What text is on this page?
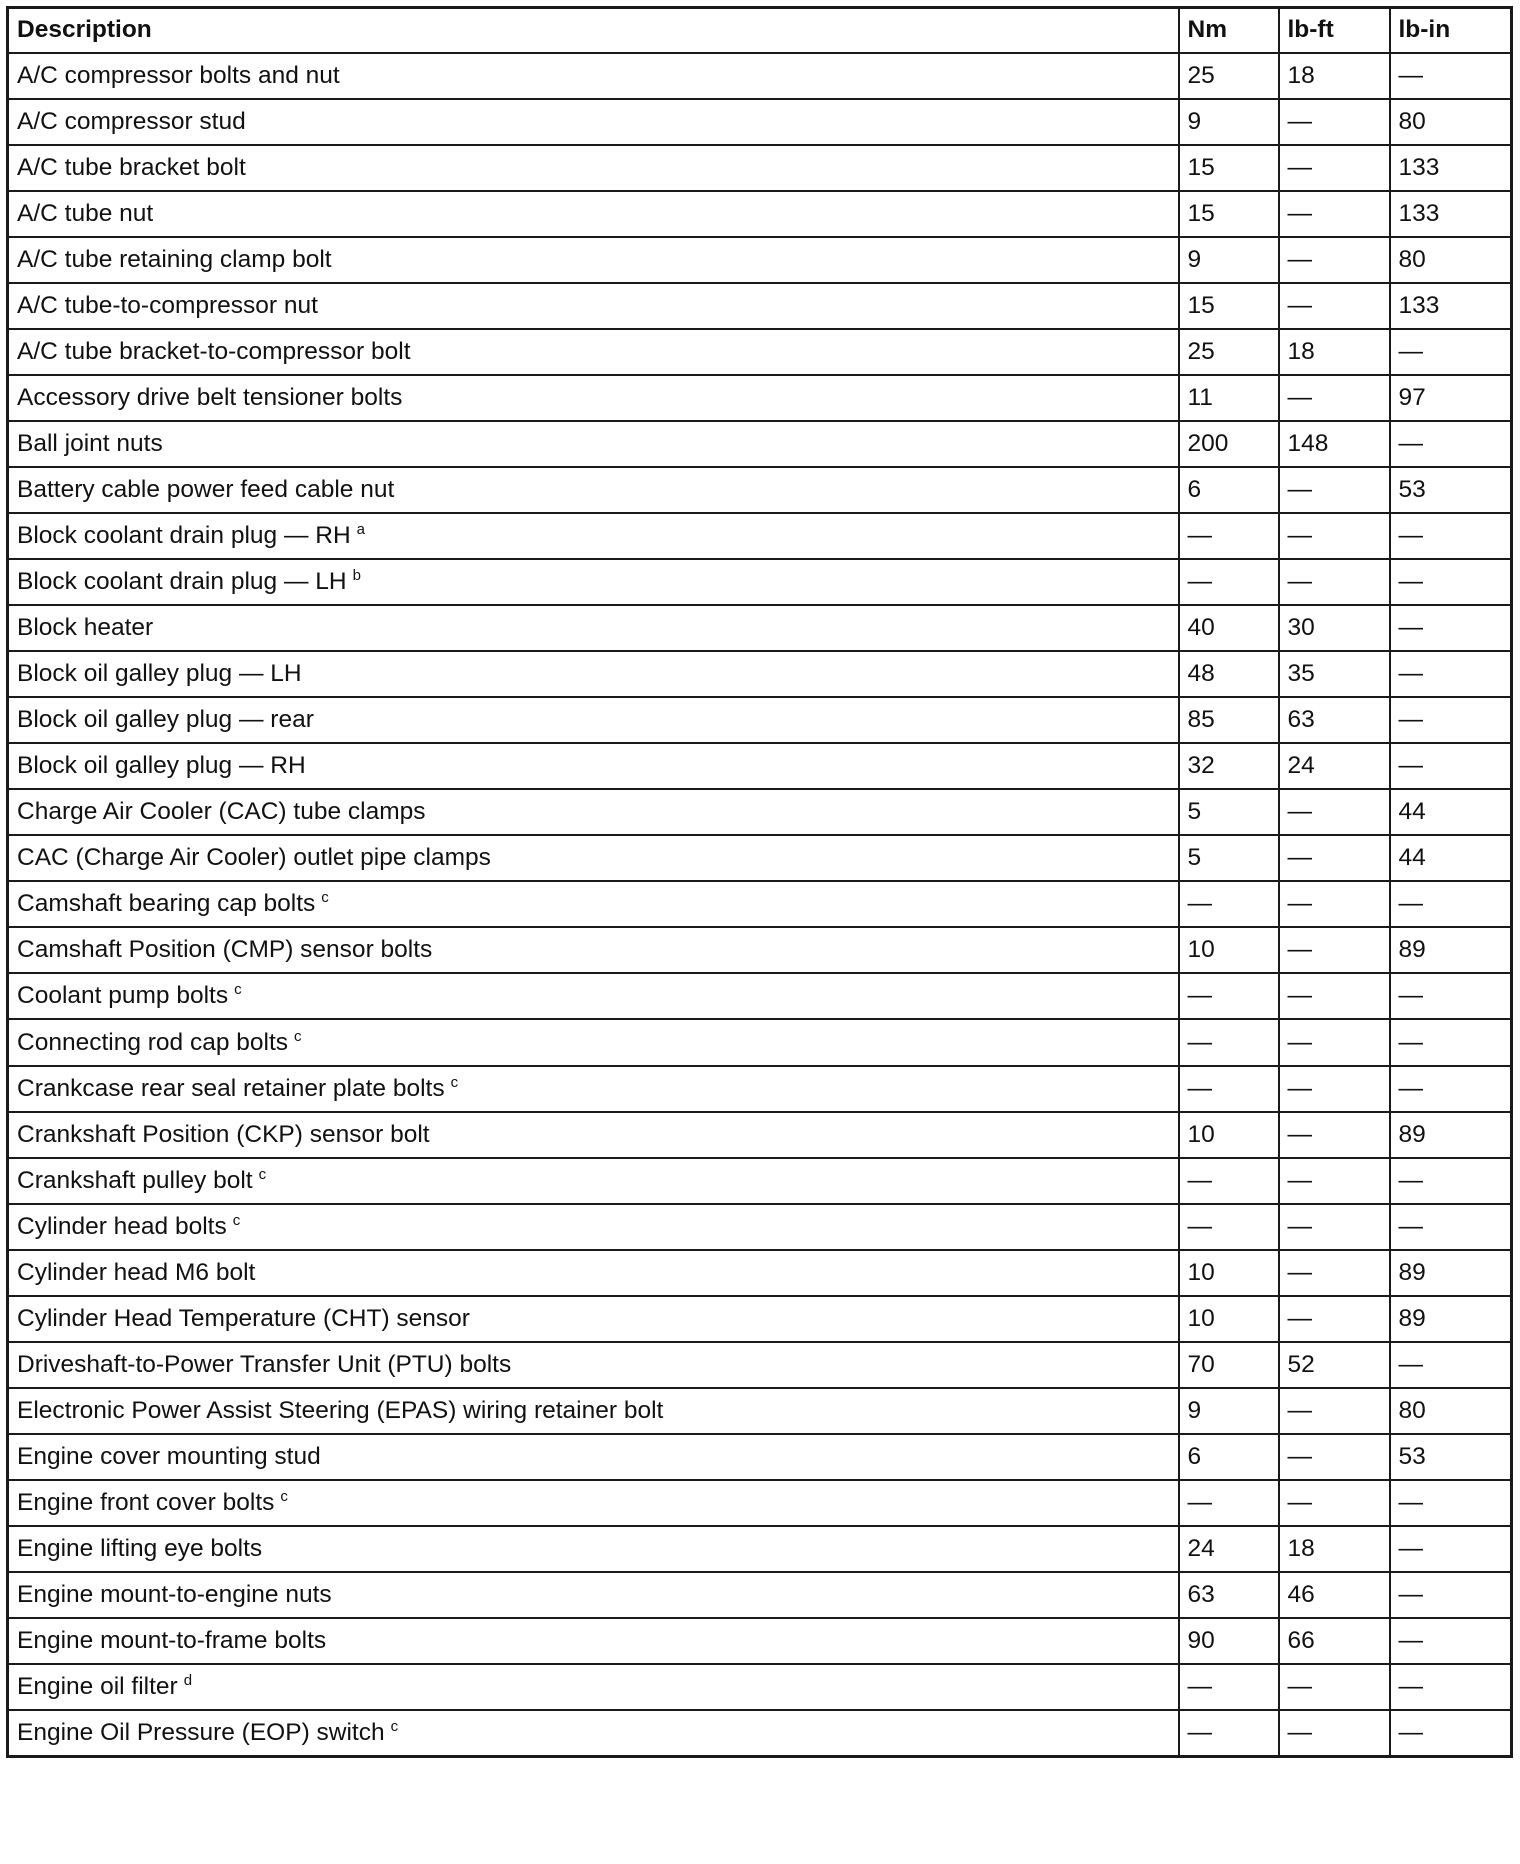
Description	Nm	lb-ft	lb-in
A/C compressor bolts and nut	25	18	—
A/C compressor stud	9	—	80
A/C tube bracket bolt	15	—	133
A/C tube nut	15	—	133
A/C tube retaining clamp bolt	9	—	80
A/C tube-to-compressor nut	15	—	133
A/C tube bracket-to-compressor bolt	25	18	—
Accessory drive belt tensioner bolts	11	—	97
Ball joint nuts	200	148	—
Battery cable power feed cable nut	6	—	53
Block coolant drain plug — RH $^a$	—	—	—
Block coolant drain plug — LH $^b$	—	—	—
Block heater	40	30	—
Block oil galley plug — LH	48	35	—
Block oil galley plug — rear	85	63	—
Block oil galley plug — RH	32	24	—
Charge Air Cooler (CAC) tube clamps	5	—	44
CAC (Charge Air Cooler) outlet pipe clamps	5	—	44
Camshaft bearing cap bolts $^c$	—	—	—
Camshaft Position (CMP) sensor bolts	10	—	89
Coolant pump bolts $^c$	—	—	—
Connecting rod cap bolts $^c$	—	—	—
Crankcase rear seal retainer plate bolts $^c$	—	—	—
Crankshaft Position (CKP) sensor bolt	10	—	89
Crankshaft pulley bolt $^c$	—	—	—
Cylinder head bolts $^c$	—	—	—
Cylinder head M6 bolt	10	—	89
Cylinder Head Temperature (CHT) sensor	10	—	89
Driveshaft-to-Power Transfer Unit (PTU) bolts	70	52	—
Electronic Power Assist Steering (EPAS) wiring retainer bolt	9	—	80
Engine cover mounting stud	6	—	53
Engine front cover bolts $^c$	—	—	—
Engine lifting eye bolts	24	18	—
Engine mount-to-engine nuts	63	46	—
Engine mount-to-frame bolts	90	66	—
Engine oil filter $^d$	—	—	—
Engine Oil Pressure (EOP) switch $^c$	—	—	—
